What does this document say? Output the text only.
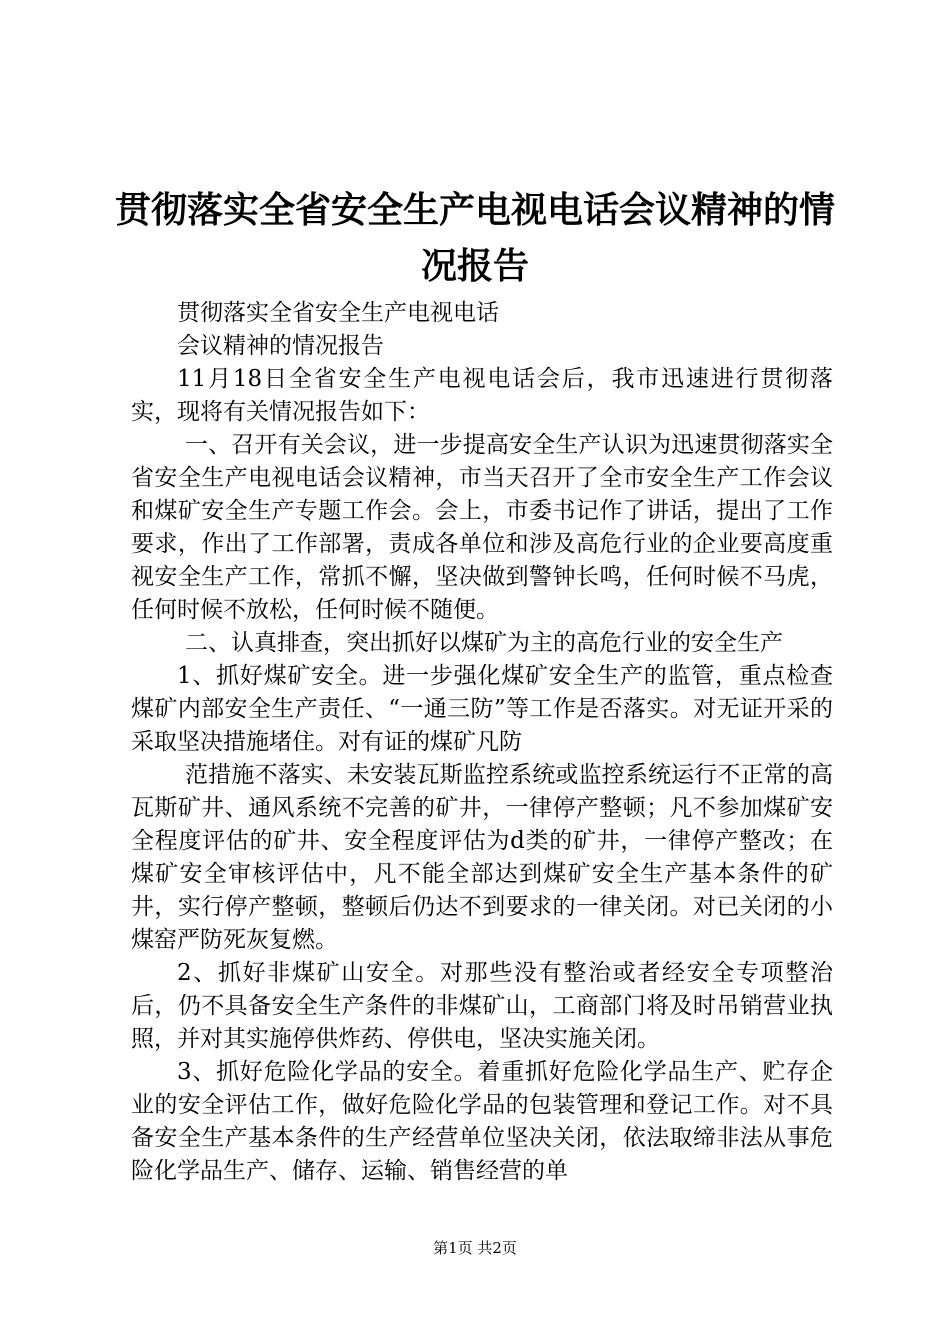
贯彻落实全省安全生产电视电话会议精神的情况报告

贯彻落实全省安全生产电视电话

会议精神的情况报告

11月18日全省安全生产电视电话会后，我市迅速进行贯彻落实，现将有关情况报告如下：

一、召开有关会议，进一步提高安全生产认识为迅速贯彻落实全省安全生产电视电话会议精神，市当天召开了全市安全生产工作会议和煤矿安全生产专题工作会。会上，市委书记作了讲话，提出了工作要求，作出了工作部署，责成各单位和涉及高危行业的企业要高度重视安全生产工作，常抓不懈，坚决做到警钟长鸣，任何时候不马虎，任何时候不放松，任何时候不随便。

二、认真排查，突出抓好以煤矿为主的高危行业的安全生产

1、抓好煤矿安全。进一步强化煤矿安全生产的监管，重点检查煤矿内部安全生产责任、“一通三防”等工作是否落实。对无证开采的采取坚决措施堵住。对有证的煤矿凡防

范措施不落实、未安装瓦斯监控系统或监控系统运行不正常的高瓦斯矿井、通风系统不完善的矿井，一律停产整顿；凡不参加煤矿安全程度评估的矿井、安全程度评估为d类的矿井，一律停产整改；在煤矿安全审核评估中，凡不能全部达到煤矿安全生产基本条件的矿井，实行停产整顿，整顿后仍达不到要求的一律关闭。对已关闭的小煤窑严防死灰复燃。

2、抓好非煤矿山安全。对那些没有整治或者经安全专项整治后，仍不具备安全生产条件的非煤矿山，工商部门将及时吊销营业执照，并对其实施停供炸药、停供电，坚决实施关闭。

3、抓好危险化学品的安全。着重抓好危险化学品生产、贮存企业的安全评估工作，做好危险化学品的包装管理和登记工作。对不具备安全生产基本条件的生产经营单位坚决关闭，依法取缔非法从事危险化学品生产、储存、运输、销售经营的单

第1页 共2页
